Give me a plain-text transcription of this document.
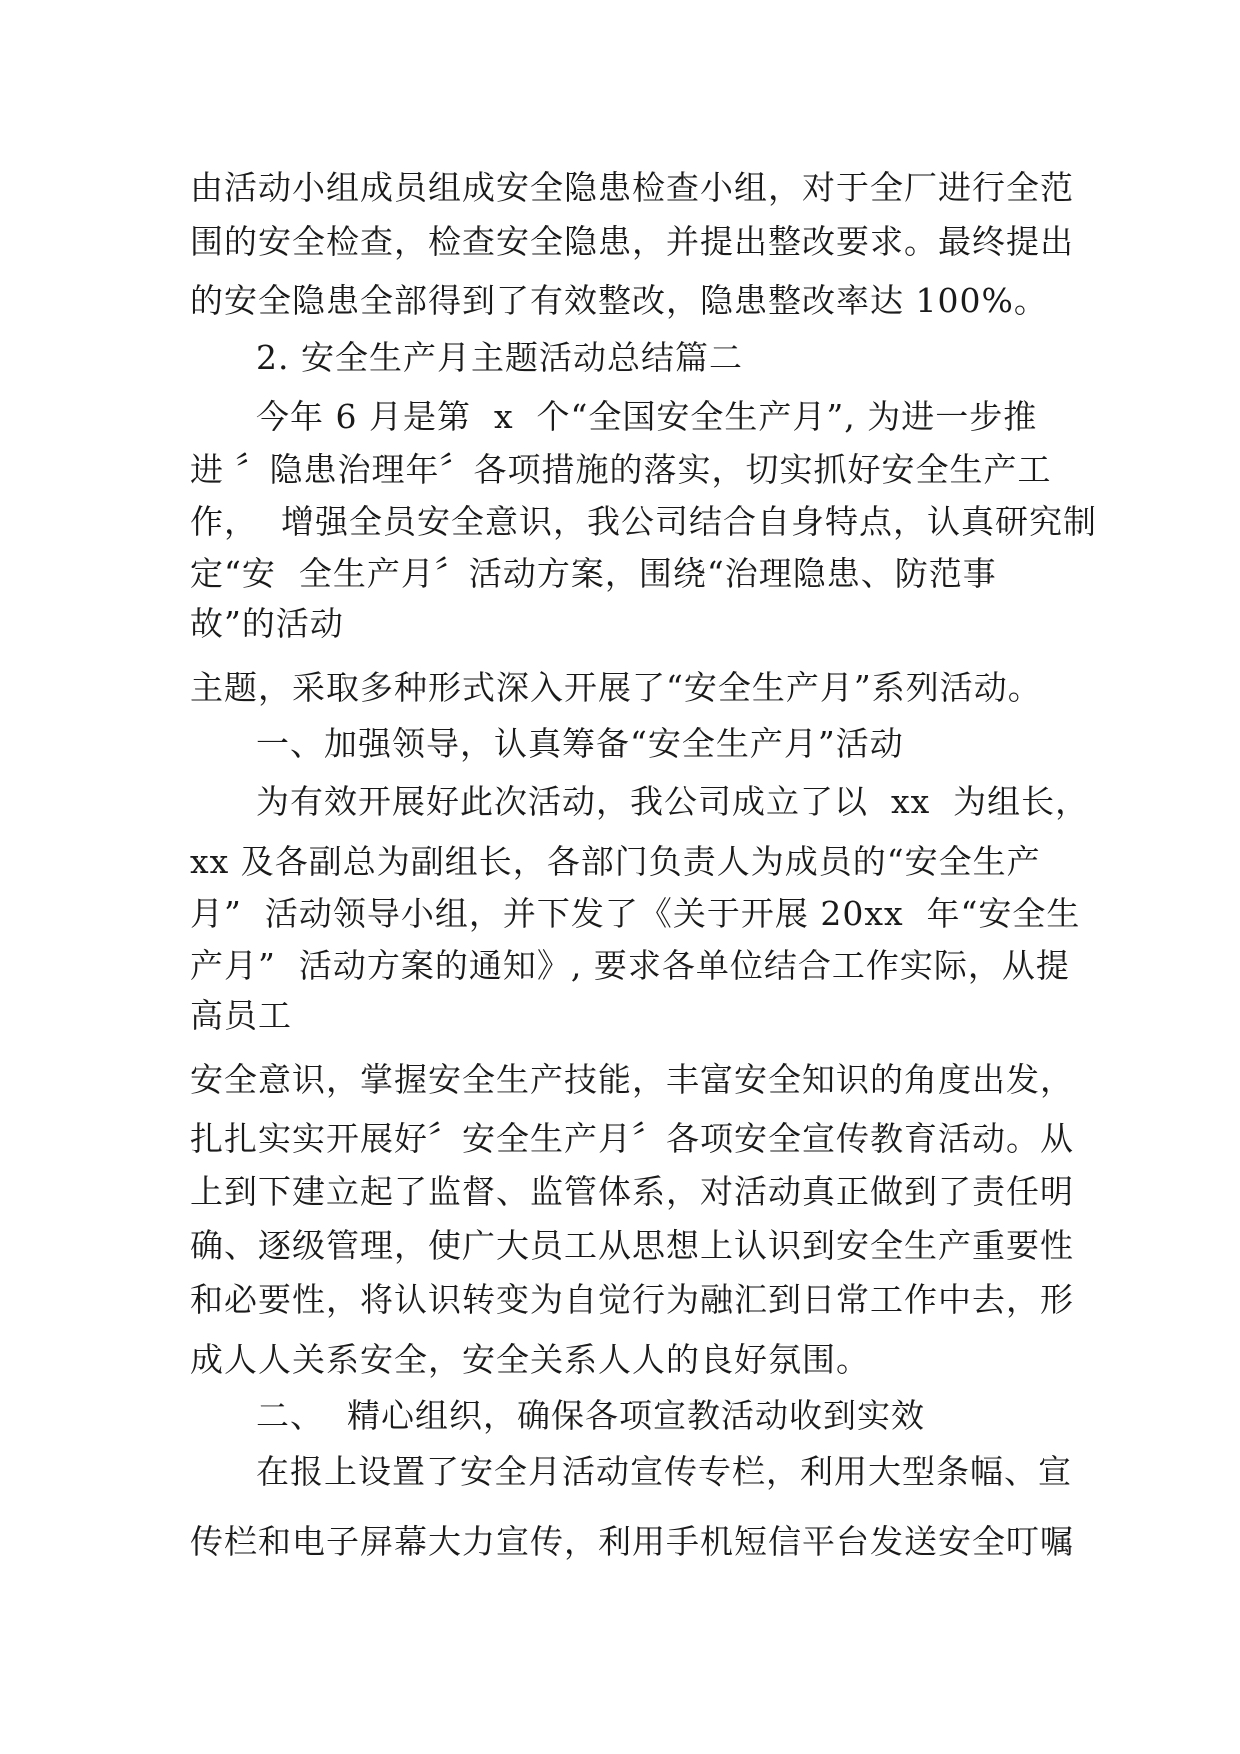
由活动小组成员组成安全隐患检查小组，对于全厂进行全范
围的安全检查，检查安全隐患，并提出整改要求。最终提出
的安全隐患全部得到了有效整改，隐患整改率达 100%。
2. 安全生产月主题活动总结篇二
今年 6 月是第  x  个“全国安全生产月”, 为进一步推
进 〞隐患治理年〞各项措施的落实，切实抓好安全生产工
作，  增强全员安全意识，我公司结合自身特点，认真研究制
定“安  全生产月〞活动方案，围绕“治理隐患、防范事
故”的活动
主题，采取多种形式深入开展了“安全生产月”系列活动。
一、加强领导，认真筹备“安全生产月”活动
为有效开展好此次活动，我公司成立了以  xx  为组长，
xx 及各副总为副组长，各部门负责人为成员的“安全生产
月”  活动领导小组，并下发了《关于开展 20xx  年“安全生
产月”  活动方案的通知》, 要求各单位结合工作实际，从提
高员工
安全意识，掌握安全生产技能，丰富安全知识的角度出发，
扎扎实实开展好〞安全生产月〞各项安全宣传教育活动。从
上到下建立起了监督、监管体系，对活动真正做到了责任明
确、逐级管理，使广大员工从思想上认识到安全生产重要性
和必要性，将认识转变为自觉行为融汇到日常工作中去，形
成人人关系安全，安全关系人人的良好氛围。
二、  精心组织，确保各项宣教活动收到实效
在报上设置了安全月活动宣传专栏，利用大型条幅、宣
传栏和电子屏幕大力宣传，利用手机短信平台发送安全叮嘱
